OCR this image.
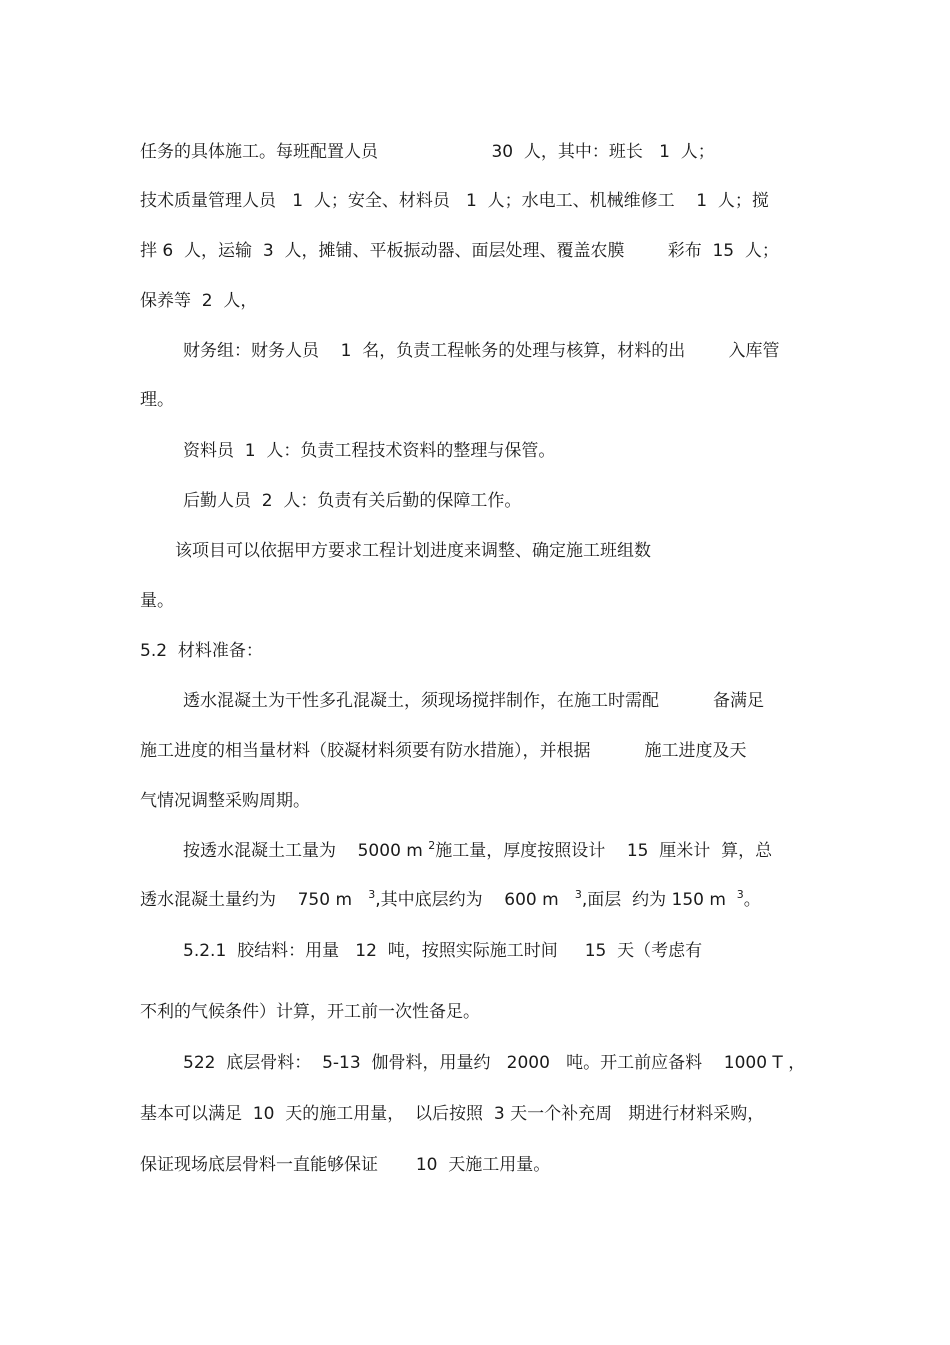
任务的具体施工。每班配置人员                     30  人，其中：班长   1  人；
技术质量管理人员   1  人；安全、材料员   1  人；水电工、机械维修工    1  人；搅
拌 6  人，运输  3  人，摊铺、平板振动器、面层处理、覆盖农膜        彩布  15  人；
保养等  2  人，
财务组：财务人员    1  名，负责工程帐务的处理与核算，材料的出        入库管
理。
资料员  1  人：负责工程技术资料的整理与保管。
后勤人员  2  人：负责有关后勤的保障工作。
该项目可以依据甲方要求工程计划进度来调整、确定施工班组数
量。
5.2  材料准备：
透水混凝土为干性多孔混凝土，须现场搅拌制作，在施工时需配          备满足
施工进度的相当量材料（胶凝材料须要有防水措施），并根据          施工进度及天
气情况调整采购周期。
按透水混凝土工量为    5000 m $^2$施工量，厚度按照设计    15  厘米计  算，总
透水混凝土量约为    750 m   $^3$,其中底层约为    600 m   $^3$,面层  约为 150 m  $^3$。
5.2.1  胶结料：用量   12  吨，按照实际施工时间     15  天（考虑有
不利的气候条件）计算，开工前一次性备足。
522  底层骨料：  5-13  伽骨料，用量约   2000   吨。开工前应备料    1000 T ，
基本可以满足  10  天的施工用量，  以后按照  3 天一个补充周   期进行材料采购，
保证现场底层骨料一直能够保证       10  天施工用量。
